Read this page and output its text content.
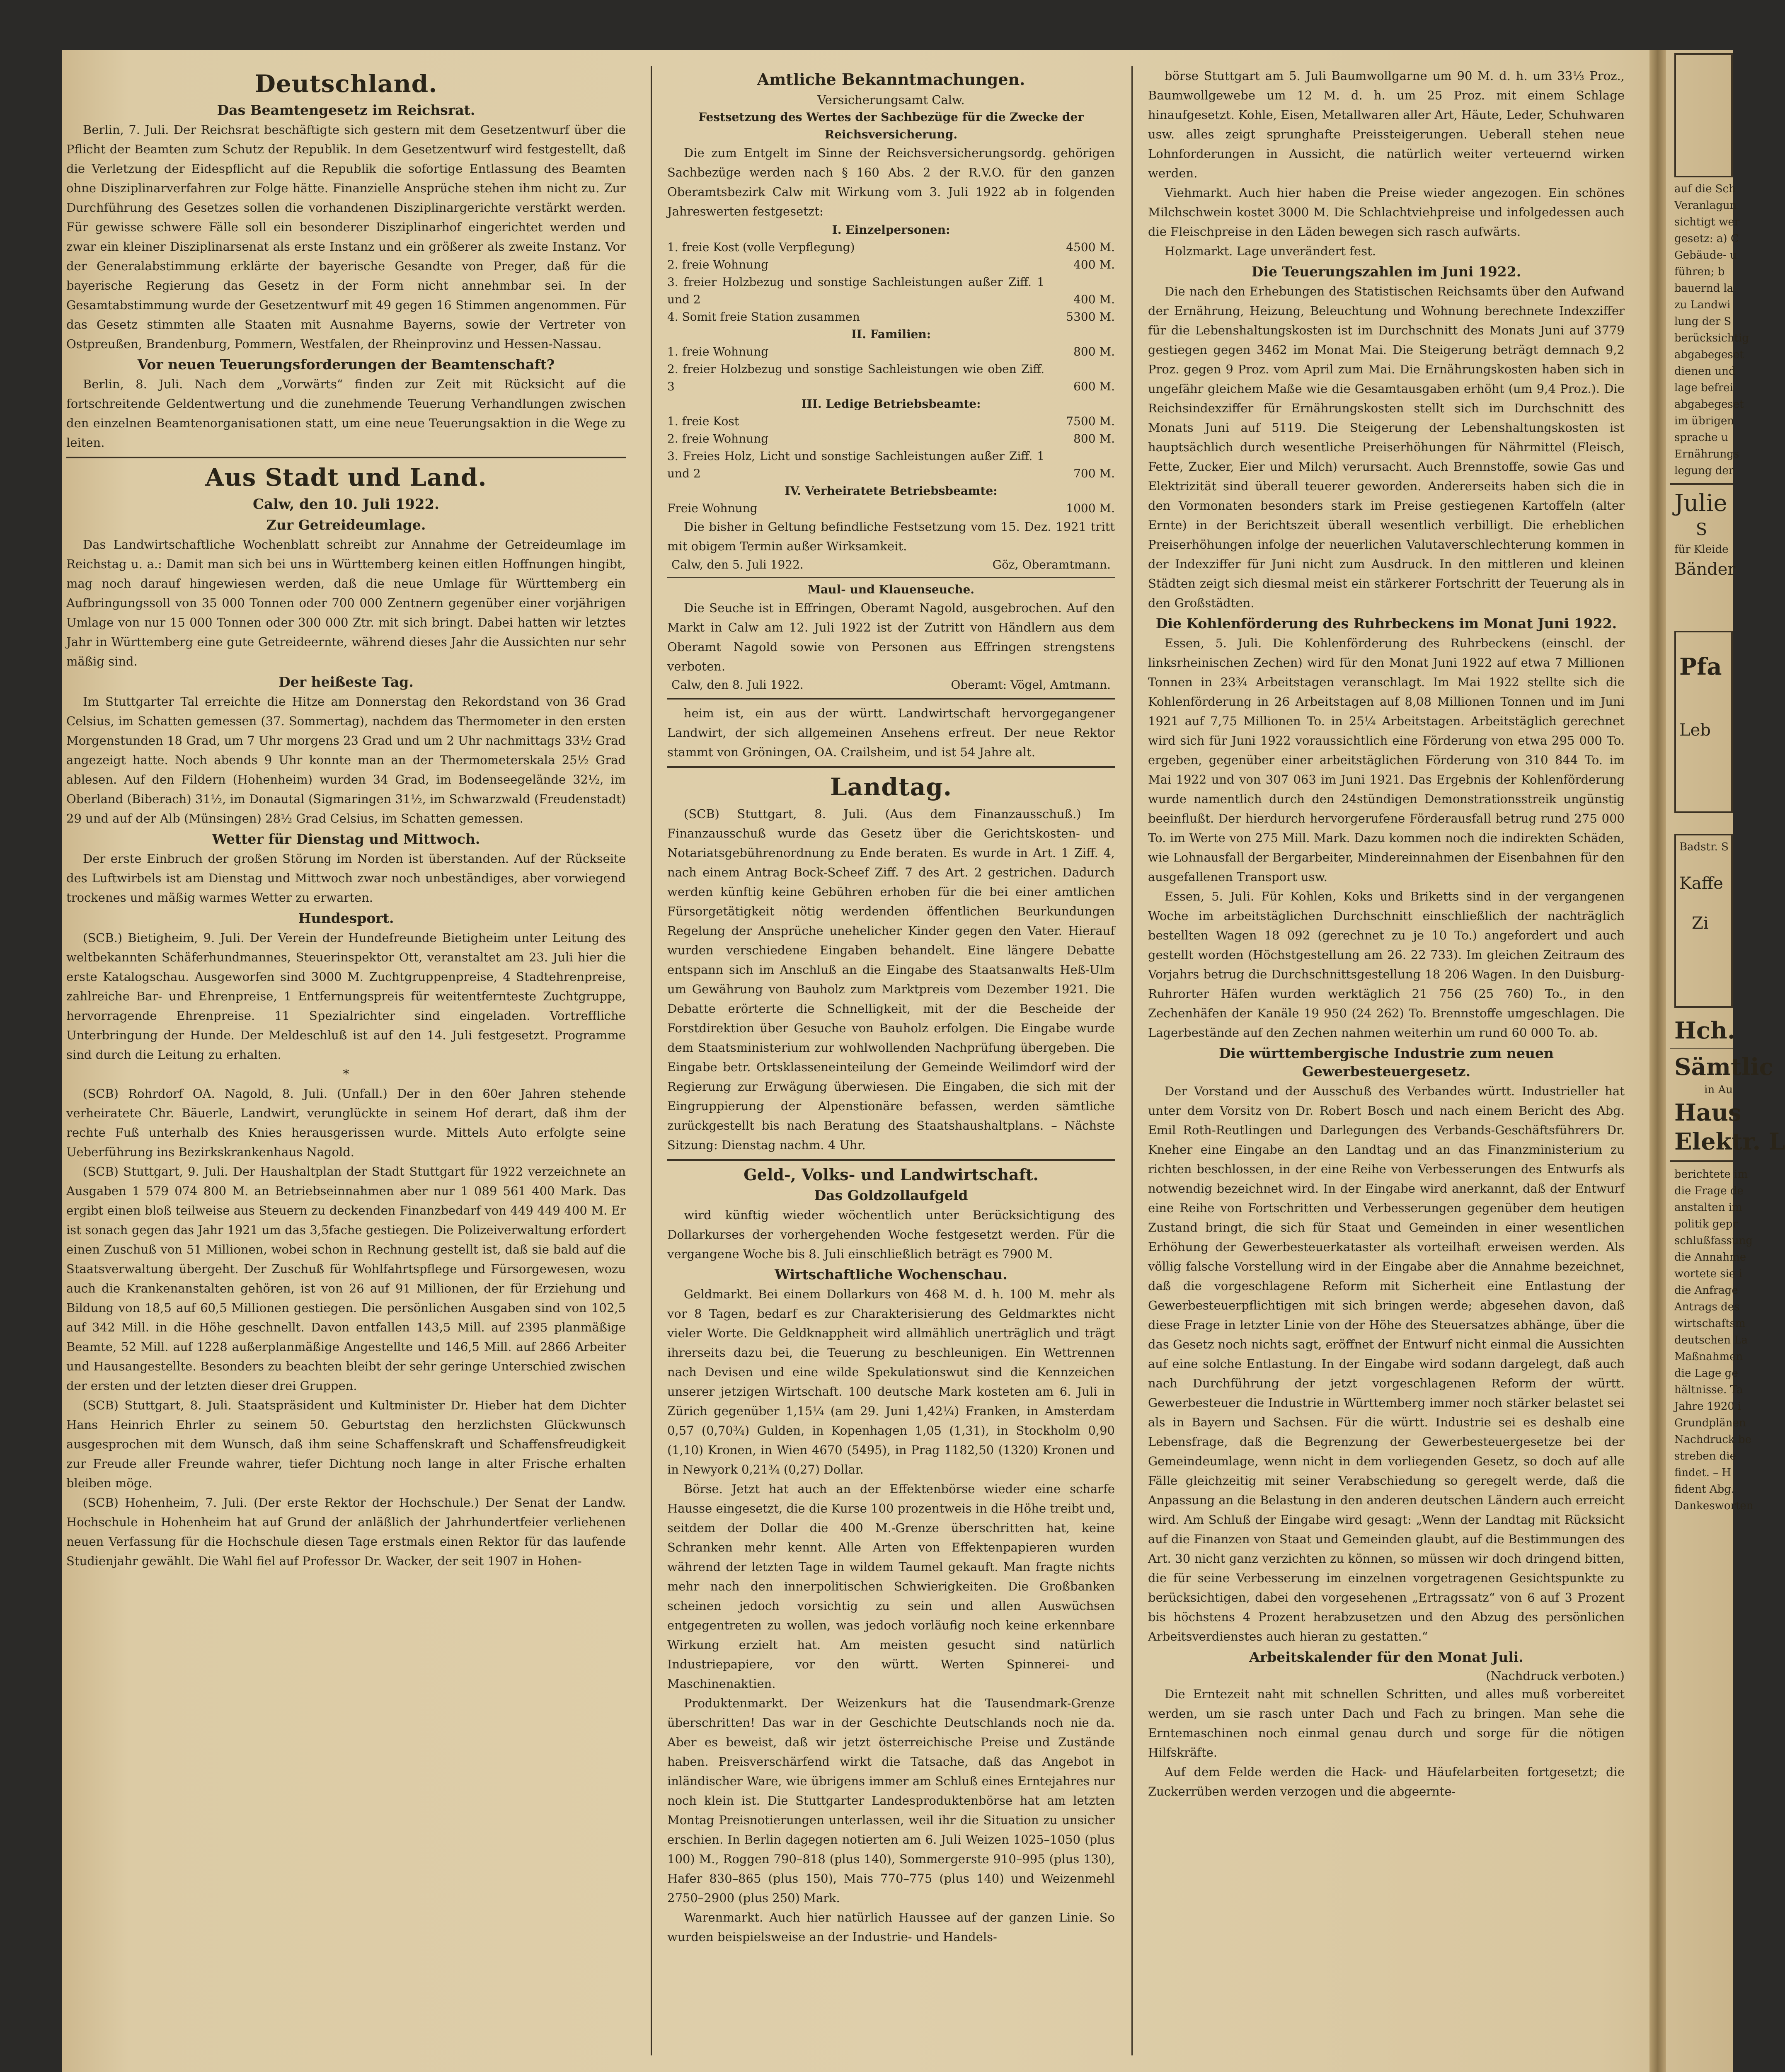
Deutschland.
Das Beamtengesetz im Reichsrat.

Berlin, 7. Juli. Der Reichsrat beschäftigte sich gestern mit dem Gesetzentwurf über die Pflicht der Beamten zum Schutz der Republik. In dem Gesetzentwurf wird festgestellt, daß die Verletzung der Eidespflicht auf die Republik die sofortige Entlassung des Beamten ohne Disziplinarverfahren zur Folge hätte. Finanzielle Ansprüche stehen ihm nicht zu. Zur Durchführung des Gesetzes sollen die vorhandenen Disziplinargerichte verstärkt werden. Für gewisse schwere Fälle soll ein besonderer Disziplinarhof eingerichtet werden und zwar ein kleiner Disziplinarsenat als erste Instanz und ein größerer als zweite Instanz. Vor der Generalabstimmung erklärte der bayerische Gesandte von Preger, daß für die bayerische Regierung das Gesetz in der Form nicht annehmbar sei. In der Gesamtabstimmung wurde der Gesetzentwurf mit 49 gegen 16 Stimmen angenommen. Für das Gesetz stimmten alle Staaten mit Ausnahme Bayerns, sowie der Vertreter von Ostpreußen, Brandenburg, Pommern, Westfalen, der Rheinprovinz und Hessen-Nassau.

Vor neuen Teuerungsforderungen der Beamtenschaft?

Berlin, 8. Juli. Nach dem „Vorwärts“ finden zur Zeit mit Rücksicht auf die fortschreitende Geldentwertung und die zunehmende Teuerung Verhandlungen zwischen den einzelnen Beamtenorganisationen statt, um eine neue Teuerungsaktion in die Wege zu leiten.

Aus Stadt und Land.
Calw, den 10. Juli 1922.
Zur Getreideumlage.

Das Landwirtschaftliche Wochenblatt schreibt zur Annahme der Getreideumlage im Reichstag u. a.: Damit man sich bei uns in Württemberg keinen eitlen Hoffnungen hingibt, mag noch darauf hingewiesen werden, daß die neue Umlage für Württemberg ein Aufbringungssoll von 35 000 Tonnen oder 700 000 Zentnern gegenüber einer vorjährigen Umlage von nur 15 000 Tonnen oder 300 000 Ztr. mit sich bringt. Dabei hatten wir letztes Jahr in Württemberg eine gute Getreideernte, während dieses Jahr die Aussichten nur sehr mäßig sind.

Der heißeste Tag.

Im Stuttgarter Tal erreichte die Hitze am Donnerstag den Rekordstand von 36 Grad Celsius, im Schatten gemessen (37. Sommertag), nachdem das Thermometer in den ersten Morgenstunden 18 Grad, um 7 Uhr morgens 23 Grad und um 2 Uhr nachmittags 33½ Grad angezeigt hatte. Noch abends 9 Uhr konnte man an der Thermometerskala 25½ Grad ablesen. Auf den Fildern (Hohenheim) wurden 34 Grad, im Bodenseegelände 32½, im Oberland (Biberach) 31½, im Donautal (Sigmaringen 31½, im Schwarzwald (Freudenstadt) 29 und auf der Alb (Münsingen) 28½ Grad Celsius, im Schatten gemessen.

Wetter für Dienstag und Mittwoch.

Der erste Einbruch der großen Störung im Norden ist überstanden. Auf der Rückseite des Luftwirbels ist am Dienstag und Mittwoch zwar noch unbeständiges, aber vorwiegend trockenes und mäßig warmes Wetter zu erwarten.

Hundesport.

(SCB.) Bietigheim, 9. Juli. Der Verein der Hundefreunde Bietigheim unter Leitung des weltbekannten Schäferhundmannes, Steuerinspektor Ott, veranstaltet am 23. Juli hier die erste Katalogschau. Ausgeworfen sind 3000 M. Zuchtgruppenpreise, 4 Stadtehrenpreise, zahlreiche Bar- und Ehrenpreise, 1 Entfernungspreis für weitentfernteste Zuchtgruppe, hervorragende Ehrenpreise. 11 Spezialrichter sind eingeladen. Vortreffliche Unterbringung der Hunde. Der Meldeschluß ist auf den 14. Juli festgesetzt. Programme sind durch die Leitung zu erhalten.

*

(SCB) Rohrdorf OA. Nagold, 8. Juli. (Unfall.) Der in den 60er Jahren stehende verheiratete Chr. Bäuerle, Landwirt, verunglückte in seinem Hof derart, daß ihm der rechte Fuß unterhalb des Knies herausgerissen wurde. Mittels Auto erfolgte seine Ueberführung ins Bezirkskrankenhaus Nagold.

(SCB) Stuttgart, 9. Juli. Der Haushaltplan der Stadt Stuttgart für 1922 verzeichnete an Ausgaben 1 579 074 800 M. an Betriebseinnahmen aber nur 1 089 561 400 Mark. Das ergibt einen bloß teilweise aus Steuern zu deckenden Finanzbedarf von 449 449 400 M. Er ist sonach gegen das Jahr 1921 um das 3,5fache gestiegen. Die Polizeiverwaltung erfordert einen Zuschuß von 51 Millionen, wobei schon in Rechnung gestellt ist, daß sie bald auf die Staatsverwaltung übergeht. Der Zuschuß für Wohlfahrtspflege und Fürsorgewesen, wozu auch die Krankenanstalten gehören, ist von 26 auf 91 Millionen, der für Erziehung und Bildung von 18,5 auf 60,5 Millionen gestiegen. Die persönlichen Ausgaben sind von 102,5 auf 342 Mill. in die Höhe geschnellt. Davon entfallen 143,5 Mill. auf 2395 planmäßige Beamte, 52 Mill. auf 1228 außerplanmäßige Angestellte und 146,5 Mill. auf 2866 Arbeiter und Hausangestellte. Besonders zu beachten bleibt der sehr geringe Unterschied zwischen der ersten und der letzten dieser drei Gruppen.

(SCB) Stuttgart, 8. Juli. Staatspräsident und Kultminister Dr. Hieber hat dem Dichter Hans Heinrich Ehrler zu seinem 50. Geburtstag den herzlichsten Glückwunsch ausgesprochen mit dem Wunsch, daß ihm seine Schaffenskraft und Schaffensfreudigkeit zur Freude aller Freunde wahrer, tiefer Dichtung noch lange in alter Frische erhalten bleiben möge.

(SCB) Hohenheim, 7. Juli. (Der erste Rektor der Hochschule.) Der Senat der Landw. Hochschule in Hohenheim hat auf Grund der anläßlich der Jahrhundertfeier verliehenen neuen Verfassung für die Hochschule diesen Tage erstmals einen Rektor für das laufende Studienjahr gewählt. Die Wahl fiel auf Professor Dr. Wacker, der seit 1907 in Hohen-

Amtliche Bekanntmachungen.
Versicherungsamt Calw.
Festsetzung des Wertes der Sachbezüge für die Zwecke der Reichsversicherung.

Die zum Entgelt im Sinne der Reichsversicherungsordg. gehörigen Sachbezüge werden nach § 160 Abs. 2 der R.V.O. für den ganzen Oberamtsbezirk Calw mit Wirkung vom 3. Juli 1922 ab in folgenden Jahreswerten festgesetzt:

I. Einzelpersonen:
1. freie Kost (volle Verpflegung)	4500 M.
2. freie Wohnung	400 M.
3. freier Holzbezug und sonstige Sachleistungen außer Ziff. 1 und 2	400 M.
4. Somit freie Station zusammen	5300 M.
II. Familien:
1. freie Wohnung	800 M.
2. freier Holzbezug und sonstige Sachleistungen wie oben Ziff. 3	600 M.
III. Ledige Betriebsbeamte:
1. freie Kost	7500 M.
2. freie Wohnung	800 M.
3. Freies Holz, Licht und sonstige Sachleistungen außer Ziff. 1 und 2	700 M.
IV. Verheiratete Betriebsbeamte:
Freie Wohnung	1000 M.

Die bisher in Geltung befindliche Festsetzung vom 15. Dez. 1921 tritt mit obigem Termin außer Wirksamkeit.

Calw, den 5. Juli 1922.	Göz, Oberamtmann.
Maul- und Klauenseuche.

Die Seuche ist in Effringen, Oberamt Nagold, ausgebrochen. Auf den Markt in Calw am 12. Juli 1922 ist der Zutritt von Händlern aus dem Oberamt Nagold sowie von Personen aus Effringen strengstens verboten.

Calw, den 8. Juli 1922.	Oberamt: Vögel, Amtmann.

heim ist, ein aus der württ. Landwirtschaft hervorgegangener Landwirt, der sich allgemeinen Ansehens erfreut. Der neue Rektor stammt von Gröningen, OA. Crailsheim, und ist 54 Jahre alt.

Landtag.

(SCB) Stuttgart, 8. Juli. (Aus dem Finanzausschuß.) Im Finanzausschuß wurde das Gesetz über die Gerichtskosten- und Notariatsgebührenordnung zu Ende beraten. Es wurde in Art. 1 Ziff. 4, nach einem Antrag Bock-Scheef Ziff. 7 des Art. 2 gestrichen. Dadurch werden künftig keine Gebühren erhoben für die bei einer amtlichen Fürsorgetätigkeit nötig werdenden öffentlichen Beurkundungen Regelung der Ansprüche unehelicher Kinder gegen den Vater. Hierauf wurden verschiedene Eingaben behandelt. Eine längere Debatte entspann sich im Anschluß an die Eingabe des Staatsanwalts Heß-Ulm um Gewährung von Bauholz zum Marktpreis vom Dezember 1921. Die Debatte erörterte die Schnelligkeit, mit der die Bescheide der Forstdirektion über Gesuche von Bauholz erfolgen. Die Eingabe wurde dem Staatsministerium zur wohlwollenden Nachprüfung übergeben. Die Eingabe betr. Ortsklasseneinteilung der Gemeinde Weilimdorf wird der Regierung zur Erwägung überwiesen. Die Eingaben, die sich mit der Eingruppierung der Alpenstionäre befassen, werden sämtliche zurückgestellt bis nach Beratung des Staatshaushaltplans. – Nächste Sitzung: Dienstag nachm. 4 Uhr.

Geld-, Volks- und Landwirtschaft.
Das Goldzollaufgeld

wird künftig wieder wöchentlich unter Berücksichtigung des Dollarkurses der vorhergehenden Woche festgesetzt werden. Für die vergangene Woche bis 8. Juli einschließlich beträgt es 7900 M.

Wirtschaftliche Wochenschau.

Geldmarkt. Bei einem Dollarkurs von 468 M. d. h. 100 M. mehr als vor 8 Tagen, bedarf es zur Charakterisierung des Geldmarktes nicht vieler Worte. Die Geldknappheit wird allmählich unerträglich und trägt ihrerseits dazu bei, die Teuerung zu beschleunigen. Ein Wettrennen nach Devisen und eine wilde Spekulationswut sind die Kennzeichen unserer jetzigen Wirtschaft. 100 deutsche Mark kosteten am 6. Juli in Zürich gegenüber 1,15¼ (am 29. Juni 1,42¼) Franken, in Amsterdam 0,57 (0,70¾) Gulden, in Kopenhagen 1,05 (1,31), in Stockholm 0,90 (1,10) Kronen, in Wien 4670 (5495), in Prag 1182,50 (1320) Kronen und in Newyork 0,21¾ (0,27) Dollar.

Börse. Jetzt hat auch an der Effektenbörse wieder eine scharfe Hausse eingesetzt, die die Kurse 100 prozentweis in die Höhe treibt und, seitdem der Dollar die 400 M.-Grenze überschritten hat, keine Schranken mehr kennt. Alle Arten von Effektenpapieren wurden während der letzten Tage in wildem Taumel gekauft. Man fragte nichts mehr nach den innerpolitischen Schwierigkeiten. Die Großbanken scheinen jedoch vorsichtig zu sein und allen Auswüchsen entgegentreten zu wollen, was jedoch vorläufig noch keine erkennbare Wirkung erzielt hat. Am meisten gesucht sind natürlich Industriepapiere, vor den württ. Werten Spinnerei- und Maschinenaktien.

Produktenmarkt. Der Weizenkurs hat die Tausendmark-Grenze überschritten! Das war in der Geschichte Deutschlands noch nie da. Aber es beweist, daß wir jetzt österreichische Preise und Zustände haben. Preisverschärfend wirkt die Tatsache, daß das Angebot in inländischer Ware, wie übrigens immer am Schluß eines Erntejahres nur noch klein ist. Die Stuttgarter Landesproduktenbörse hat am letzten Montag Preisnotierungen unterlassen, weil ihr die Situation zu unsicher erschien. In Berlin dagegen notierten am 6. Juli Weizen 1025–1050 (plus 100) M., Roggen 790–818 (plus 140), Sommergerste 910–995 (plus 130), Hafer 830–865 (plus 150), Mais 770–775 (plus 140) und Weizenmehl 2750–2900 (plus 250) Mark.

Warenmarkt. Auch hier natürlich Haussee auf der ganzen Linie. So wurden beispielsweise an der Industrie- und Handels-

börse Stuttgart am 5. Juli Baumwollgarne um 90 M. d. h. um 33⅓ Proz., Baumwollgewebe um 12 M. d. h. um 25 Proz. mit einem Schlage hinaufgesetzt. Kohle, Eisen, Metallwaren aller Art, Häute, Leder, Schuhwaren usw. alles zeigt sprunghafte Preissteigerungen. Ueberall stehen neue Lohnforderungen in Aussicht, die natürlich weiter verteuernd wirken werden.

Viehmarkt. Auch hier haben die Preise wieder angezogen. Ein schönes Milchschwein kostet 3000 M. Die Schlachtviehpreise und infolgedessen auch die Fleischpreise in den Läden bewegen sich rasch aufwärts.

Holzmarkt. Lage unverändert fest.

Die Teuerungszahlen im Juni 1922.

Die nach den Erhebungen des Statistischen Reichsamts über den Aufwand der Ernährung, Heizung, Beleuchtung und Wohnung berechnete Indexziffer für die Lebenshaltungskosten ist im Durchschnitt des Monats Juni auf 3779 gestiegen gegen 3462 im Monat Mai. Die Steigerung beträgt demnach 9,2 Proz. gegen 9 Proz. vom April zum Mai. Die Ernährungskosten haben sich in ungefähr gleichem Maße wie die Gesamtausgaben erhöht (um 9,4 Proz.). Die Reichsindexziffer für Ernährungskosten stellt sich im Durchschnitt des Monats Juni auf 5119. Die Steigerung der Lebenshaltungskosten ist hauptsächlich durch wesentliche Preiserhöhungen für Nährmittel (Fleisch, Fette, Zucker, Eier und Milch) verursacht. Auch Brennstoffe, sowie Gas und Elektrizität sind überall teuerer geworden. Andererseits haben sich die in den Vormonaten besonders stark im Preise gestiegenen Kartoffeln (alter Ernte) in der Berichtszeit überall wesentlich verbilligt. Die erheblichen Preiserhöhungen infolge der neuerlichen Valutaverschlechterung kommen in der Indexziffer für Juni nicht zum Ausdruck. In den mittleren und kleinen Städten zeigt sich diesmal meist ein stärkerer Fortschritt der Teuerung als in den Großstädten.

Die Kohlenförderung des Ruhrbeckens im Monat Juni 1922.

Essen, 5. Juli. Die Kohlenförderung des Ruhrbeckens (einschl. der linksrheinischen Zechen) wird für den Monat Juni 1922 auf etwa 7 Millionen Tonnen in 23¾ Arbeitstagen veranschlagt. Im Mai 1922 stellte sich die Kohlenförderung in 26 Arbeitstagen auf 8,08 Millionen Tonnen und im Juni 1921 auf 7,75 Millionen To. in 25¼ Arbeitstagen. Arbeitstäglich gerechnet wird sich für Juni 1922 voraussichtlich eine Förderung von etwa 295 000 To. ergeben, gegenüber einer arbeitstäglichen Förderung von 310 844 To. im Mai 1922 und von 307 063 im Juni 1921. Das Ergebnis der Kohlenförderung wurde namentlich durch den 24stündigen Demonstrationsstreik ungünstig beeinflußt. Der hierdurch hervorgerufene Förderausfall betrug rund 275 000 To. im Werte von 275 Mill. Mark. Dazu kommen noch die indirekten Schäden, wie Lohnausfall der Bergarbeiter, Mindereinnahmen der Eisenbahnen für den ausgefallenen Transport usw.

Essen, 5. Juli. Für Kohlen, Koks und Briketts sind in der vergangenen Woche im arbeitstäglichen Durchschnitt einschließlich der nachträglich bestellten Wagen 18 092 (gerechnet zu je 10 To.) angefordert und auch gestellt worden (Höchstgestellung am 26. 22 733). Im gleichen Zeitraum des Vorjahrs betrug die Durchschnittsgestellung 18 206 Wagen. In den Duisburg-Ruhrorter Häfen wurden werktäglich 21 756 (25 760) To., in den Zechenhäfen der Kanäle 19 950 (24 262) To. Brennstoffe umgeschlagen. Die Lagerbestände auf den Zechen nahmen weiterhin um rund 60 000 To. ab.

Die württembergische Industrie zum neuen Gewerbesteuergesetz.

Der Vorstand und der Ausschuß des Verbandes württ. Industrieller hat unter dem Vorsitz von Dr. Robert Bosch und nach einem Bericht des Abg. Emil Roth-Reutlingen und Darlegungen des Verbands-Geschäftsführers Dr. Kneher eine Eingabe an den Landtag und an das Finanzministerium zu richten beschlossen, in der eine Reihe von Verbesserungen des Entwurfs als notwendig bezeichnet wird. In der Eingabe wird anerkannt, daß der Entwurf eine Reihe von Fortschritten und Verbesserungen gegenüber dem heutigen Zustand bringt, die sich für Staat und Gemeinden in einer wesentlichen Erhöhung der Gewerbesteuerkataster als vorteilhaft erweisen werden. Als völlig falsche Vorstellung wird in der Eingabe aber die Annahme bezeichnet, daß die vorgeschlagene Reform mit Sicherheit eine Entlastung der Gewerbesteuerpflichtigen mit sich bringen werde; abgesehen davon, daß diese Frage in letzter Linie von der Höhe des Steuersatzes abhänge, über die das Gesetz noch nichts sagt, eröffnet der Entwurf nicht einmal die Aussichten auf eine solche Entlastung. In der Eingabe wird sodann dargelegt, daß auch nach Durchführung der jetzt vorgeschlagenen Reform der württ. Gewerbesteuer die Industrie in Württemberg immer noch stärker belastet sei als in Bayern und Sachsen. Für die württ. Industrie sei es deshalb eine Lebensfrage, daß die Begrenzung der Gewerbesteuergesetze bei der Gemeindeumlage, wenn nicht in dem vorliegenden Gesetz, so doch auf alle Fälle gleichzeitig mit seiner Verabschiedung so geregelt werde, daß die Anpassung an die Belastung in den anderen deutschen Ländern auch erreicht wird. Am Schluß der Eingabe wird gesagt: „Wenn der Landtag mit Rücksicht auf die Finanzen von Staat und Gemeinden glaubt, auf die Bestimmungen des Art. 30 nicht ganz verzichten zu können, so müssen wir doch dringend bitten, die für seine Verbesserung im einzelnen vorgetragenen Gesichtspunkte zu berücksichtigen, dabei den vorgesehenen „Ertragssatz“ von 6 auf 3 Prozent bis höchstens 4 Prozent herabzusetzen und den Abzug des persönlichen Arbeitsverdienstes auch hieran zu gestatten.“

Arbeitskalender für den Monat Juli.
(Nachdruck verboten.)

Die Erntezeit naht mit schnellen Schritten, und alles muß vorbereitet werden, um sie rasch unter Dach und Fach zu bringen. Man sehe die Erntemaschinen noch einmal genau durch und sorge für die nötigen Hilfskräfte.

Auf dem Felde werden die Hack- und Häufelarbeiten fortgesetzt; die Zuckerrüben werden verzogen und die abgeernte-

auf die Sch
Veranlagun
sichtigt wer
gesetz: a) C
Gebäude- u
führen; b
bauernd la
zu Landwi
lung der S
berücksichtig
abgabegeset
dienen und
lage befrei
abgabegeset
im übrigen
sprache u
Ernährungs
legung der
Julie
S
für Kleide
Bänder
Pfa
Leb
Badstr. S
Kaffe
Zi
Hch.
Sämtlic
in Au
Haus
Elektr. L
berichtete im
die Frage de
anstalten im
politik gepr
schlußfassung
die Annahme
wortete sie i
die Anfrage
Antrags des
wirtschaftsm
deutschen La
Maßnahmen
die Lage ge
hältnisse. Ta
Jahre 1920 i
Grundplänen
Nachdruck be
streben die
findet. – H
fident Abg.
Dankesworten
